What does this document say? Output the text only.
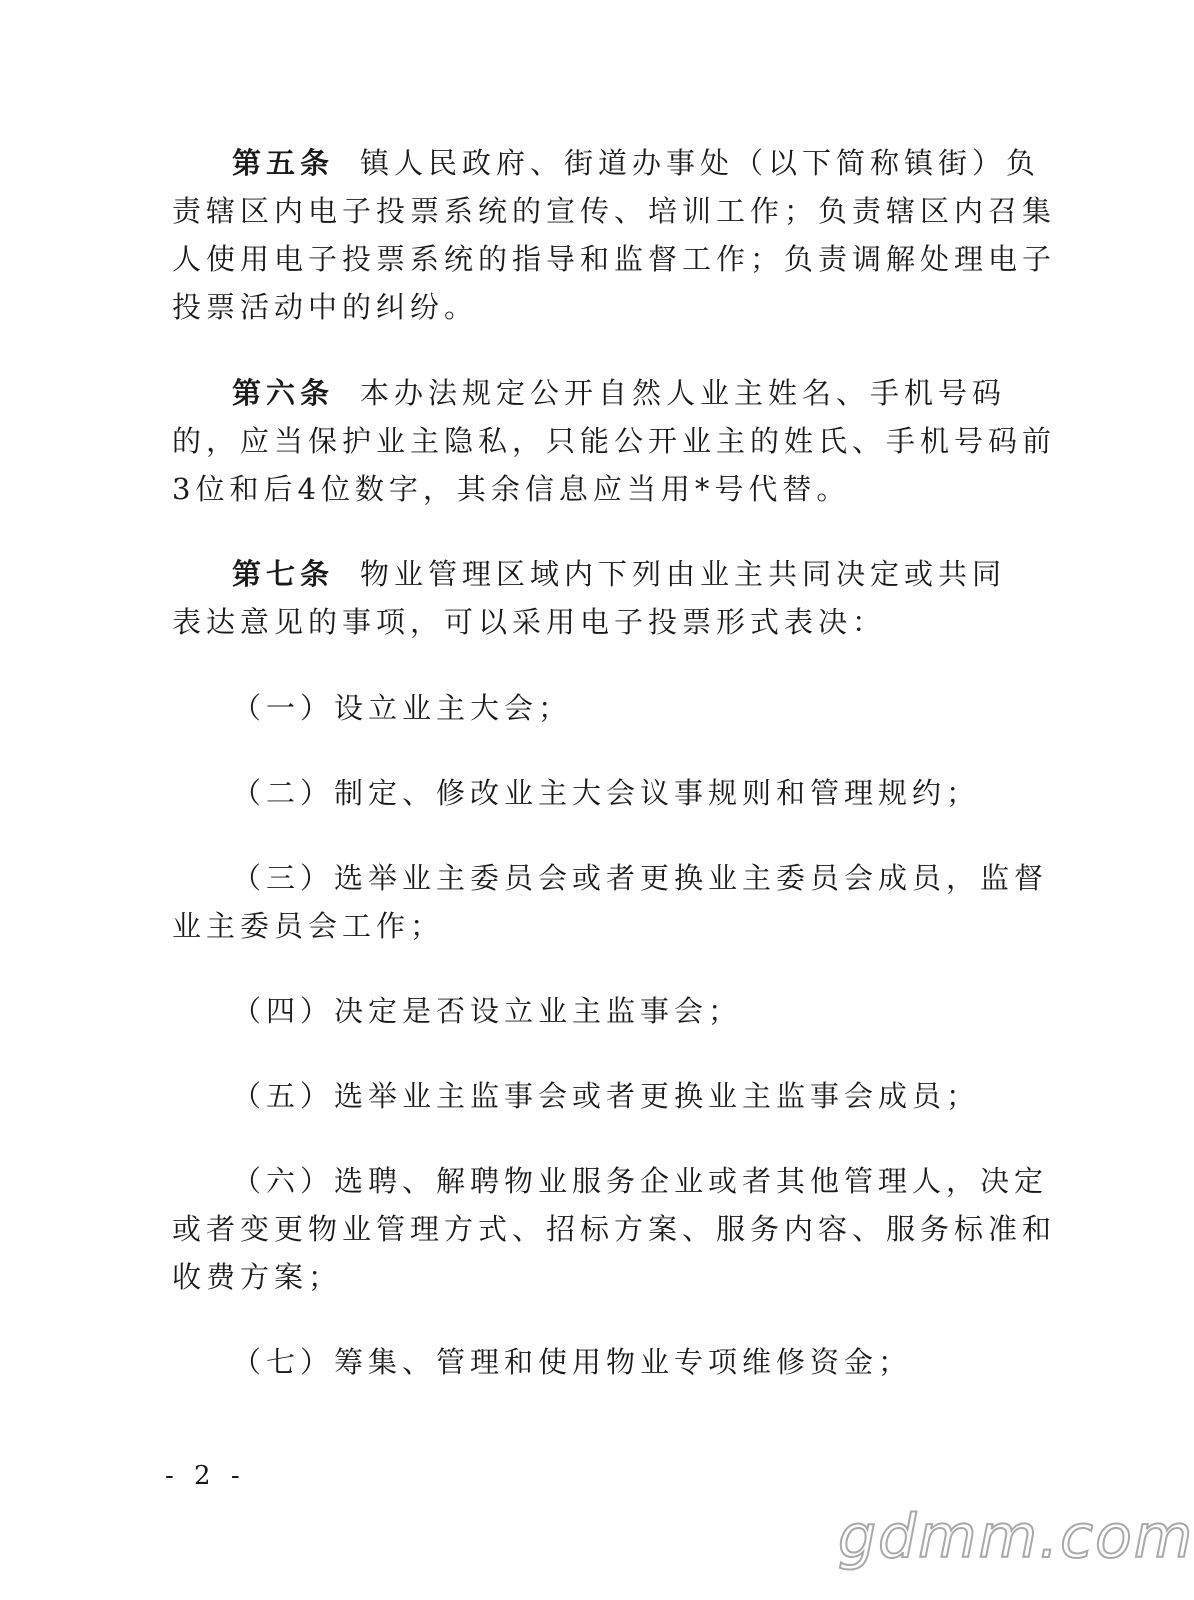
第五条 镇人民政府、街道办事处（以下简称镇街）负
责辖区内电子投票系统的宣传、培训工作；负责辖区内召集
人使用电子投票系统的指导和监督工作；负责调解处理电子
投票活动中的纠纷。
第六条 本办法规定公开自然人业主姓名、手机号码
的，应当保护业主隐私，只能公开业主的姓氏、手机号码前
3位和后4位数字，其余信息应当用*号代替。
第七条 物业管理区域内下列由业主共同决定或共同
表达意见的事项，可以采用电子投票形式表决：
（一）设立业主大会；
（二）制定、修改业主大会议事规则和管理规约；
（三）选举业主委员会或者更换业主委员会成员，监督
业主委员会工作；
（四）决定是否设立业主监事会；
（五）选举业主监事会或者更换业主监事会成员；
（六）选聘、解聘物业服务企业或者其他管理人，决定
或者变更物业管理方式、招标方案、服务内容、服务标准和
收费方案；
（七）筹集、管理和使用物业专项维修资金；
- 2 -
gdmm.com
